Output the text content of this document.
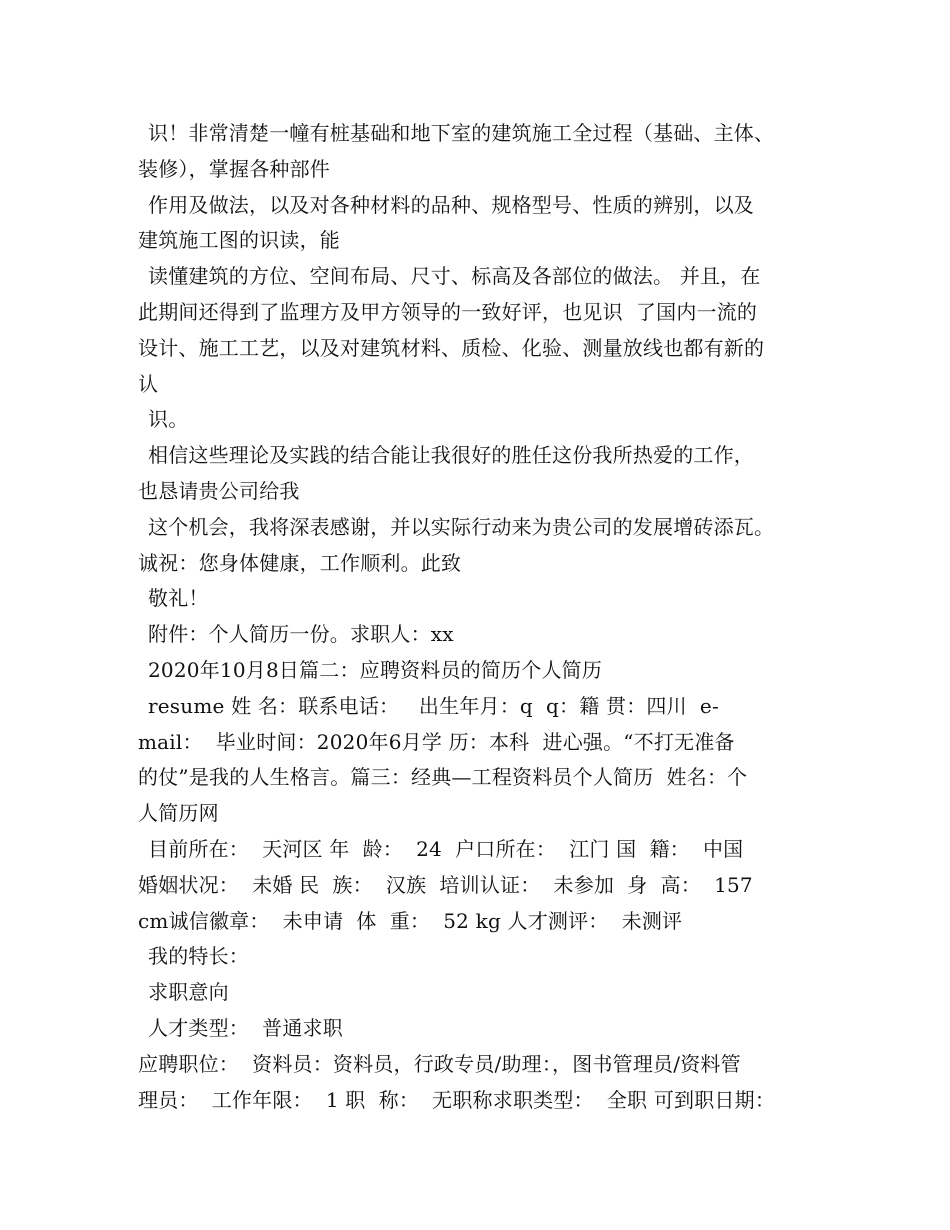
识！非常清楚一幢有桩基础和地下室的建筑施工全过程（基础、主体、
装修），掌握各种部件
作用及做法，以及对各种材料的品种、规格型号、性质的辨别，以及
建筑施工图的识读，能
读懂建筑的方位、空间布局、尺寸、标高及各部位的做法。 并且，在
此期间还得到了监理方及甲方领导的一致好评，也见识  了国内一流的
设计、施工工艺，以及对建筑材料、质检、化验、测量放线也都有新的
认
识。
相信这些理论及实践的结合能让我很好的胜任这份我所热爱的工作，
也恳请贵公司给我
这个机会，我将深表感谢，并以实际行动来为贵公司的发展增砖添瓦。
诚祝：您身体健康，工作顺利。此致
敬礼！
附件：个人简历一份。求职人：xx
2020年10月8日篇二：应聘资料员的简历个人简历
resume 姓 名：联系电话：   出生年月：q  q：籍 贯：四川  e-
mail：  毕业时间：2020年6月学 历：本科  进心强。“不打无准备
的仗”是我的人生格言。篇三：经典—工程资料员个人简历  姓名：个
人简历网
目前所在：  天河区 年  龄：  24  户口所在：  江门 国  籍：  中国
婚姻状况：  未婚 民  族：  汉族  培训认证：  未参加  身  高：  157
cm诚信徽章：  未申请  体  重：  52 kg 人才测评：  未测评
我的特长：
求职意向
人才类型：  普通求职
应聘职位：  资料员：资料员，行政专员/助理：，图书管理员/资料管
理员：  工作年限：  1 职  称：  无职称求职类型：  全职 可到职日期：
